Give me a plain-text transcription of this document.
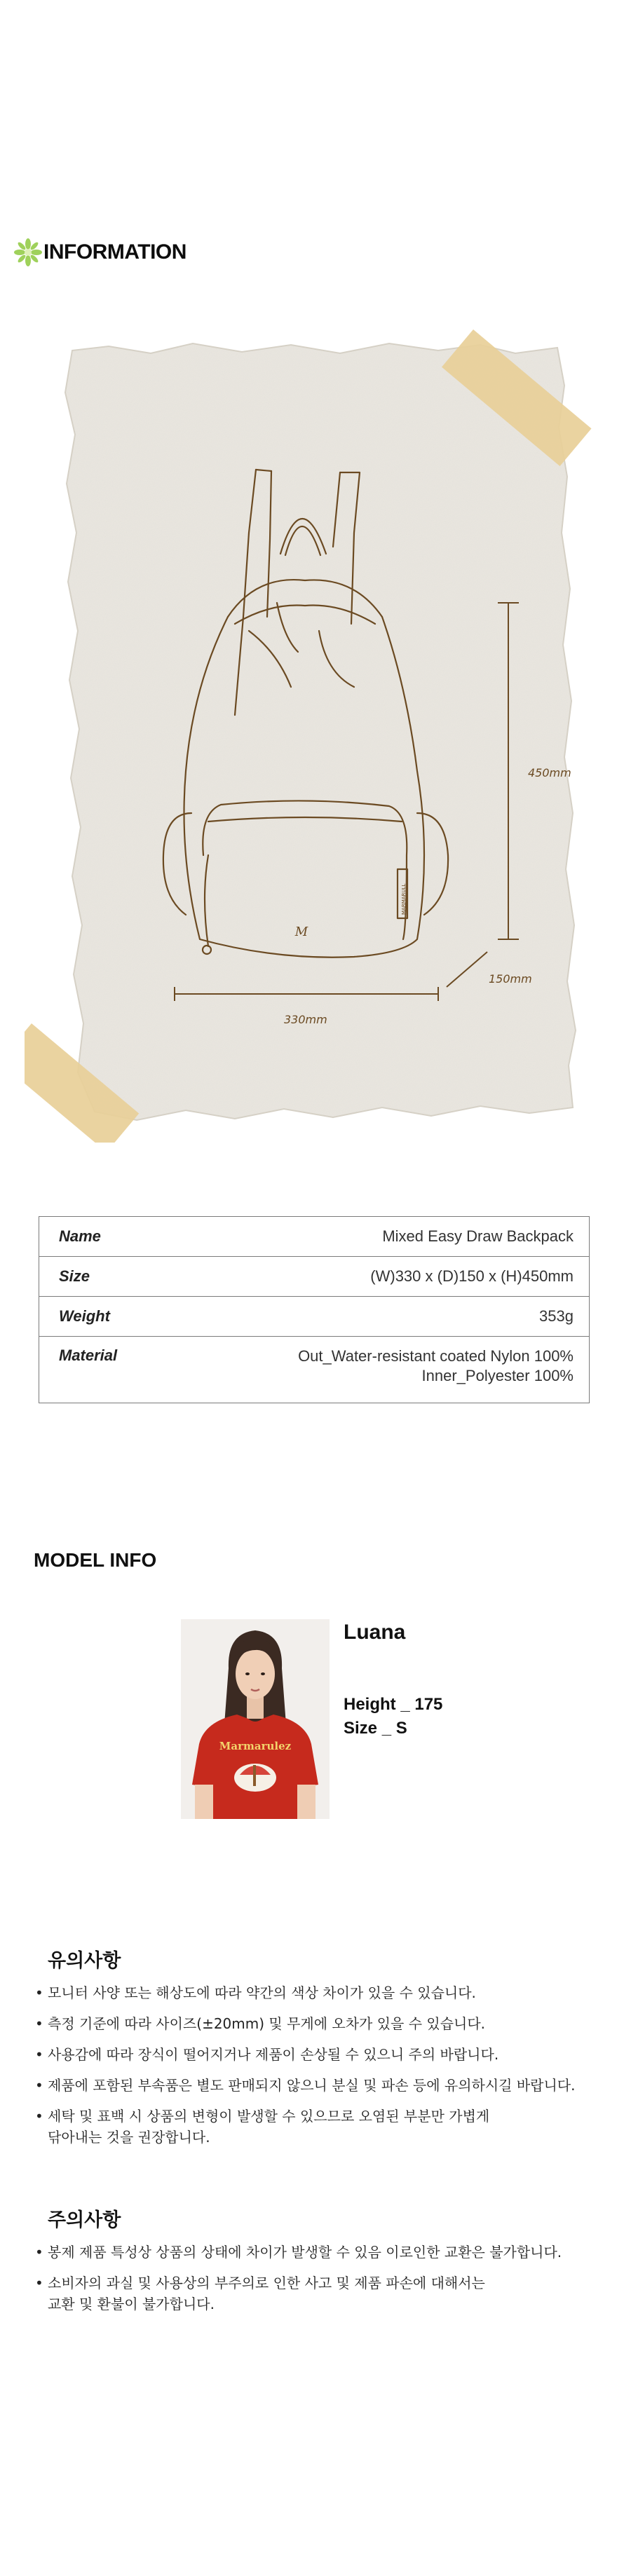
INFORMATION
M
MARMARULL
450mm
330mm
150mm
Name	Mixed Easy Draw Backpack
Size	(W)330 x (D)150 x (H)450mm
Weight	353g
Material	Out_Water-resistant coated Nylon 100%
Inner_Polyester 100%
MODEL INFO
Marmarulez
Luana
Height _ 175
Size _ S
유의사항
• 모니터 사양 또는 해상도에 따라 약간의 색상 차이가 있을 수 있습니다.
• 측정 기준에 따라 사이즈(±20mm) 및 무게에 오차가 있을 수 있습니다.
• 사용감에 따라 장식이 떨어지거나 제품이 손상될 수 있으니 주의 바랍니다.
• 제품에 포함된 부속품은 별도 판매되지 않으니 분실 및 파손 등에 유의하시길 바랍니다.
• 세탁 및 표백 시 상품의 변형이 발생할 수 있으므로 오염된 부분만 가볍게
닦아내는 것을 권장합니다.
주의사항
• 봉제 제품 특성상 상품의 상태에 차이가 발생할 수 있음 이로인한 교환은 불가합니다.
• 소비자의 과실 및 사용상의 부주의로 인한 사고 및 제품 파손에 대해서는
교환 및 환불이 불가합니다.
